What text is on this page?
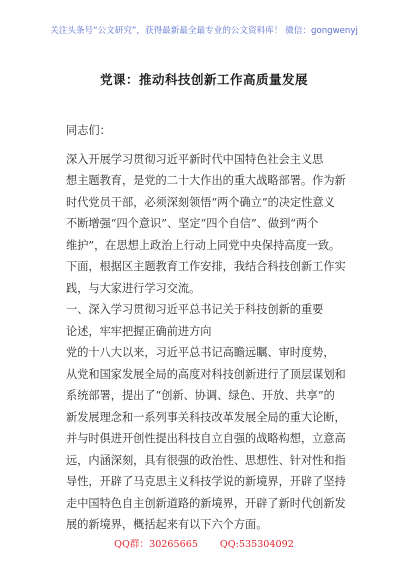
关注头条号“公文研究”，获得最新最全最专业的公文资料库！ 微信：gongwenyj
党课：推动科技创新工作高质量发展
同志们：
深入开展学习贯彻习近平新时代中国特色社会主义思
想主题教育，是党的二十大作出的重大战略部署。作为新
时代党员干部，必须深刻领悟“两个确立”的决定性意义
不断增强“四个意识”、坚定“四个自信”、做到“两个
维护”，在思想上政治上行动上同党中央保持高度一致。
下面，根据区主题教育工作安排，我结合科技创新工作实
践，与大家进行学习交流。
一、深入学习贯彻习近平总书记关于科技创新的重要
论述，牢牢把握正确前进方向
党的十八大以来，习近平总书记高瞻远瞩、审时度势，
从党和国家发展全局的高度对科技创新进行了顶层谋划和
系统部署，提出了“创新、协调、绿色、开放、共享”的
新发展理念和一系列事关科技改革发展全局的重大论断，
并与时俱进开创性提出科技自立自强的战略构想，立意高
远，内涵深刻，具有很强的政治性、思想性、针对性和指
导性，开辟了马克思主义科技学说的新境界，开辟了坚持
走中国特色自主创新道路的新境界，开辟了新时代创新发
展的新境界，概括起来有以下六个方面。
QQ群：30265665 QQ:535304092
